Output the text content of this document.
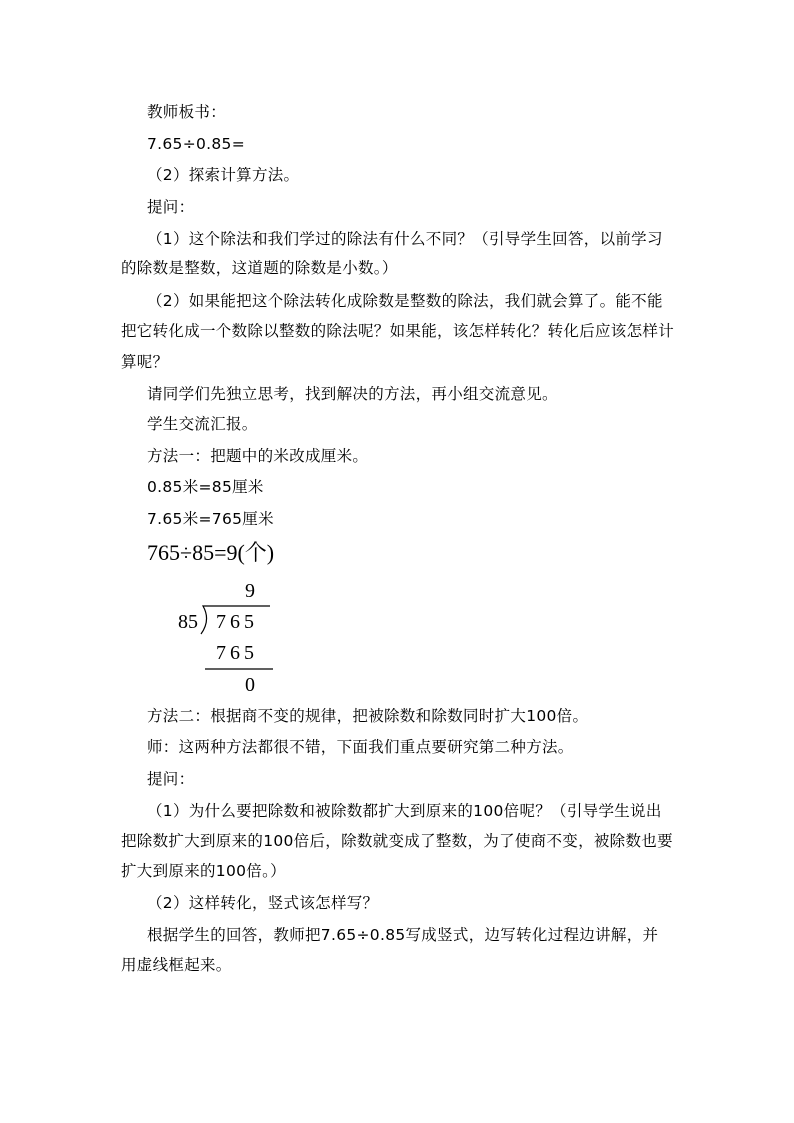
教师板书：
7.65÷0.85=
（2）探索计算方法。
提问：
（1）这个除法和我们学过的除法有什么不同？（引导学生回答，以前学习
的除数是整数，这道题的除数是小数。）
（2）如果能把这个除法转化成除数是整数的除法，我们就会算了。能不能
把它转化成一个数除以整数的除法呢？如果能，该怎样转化？转化后应该怎样计
算呢？
请同学们先独立思考，找到解决的方法，再小组交流意见。
学生交流汇报。
方法一：把题中的米改成厘米。
0.85米=85厘米
7.65米=765厘米
765÷85=9(个)
9
85 765
765
0
方法二：根据商不变的规律，把被除数和除数同时扩大100倍。
师：这两种方法都很不错，下面我们重点要研究第二种方法。
提问：
（1）为什么要把除数和被除数都扩大到原来的100倍呢？（引导学生说出
把除数扩大到原来的100倍后，除数就变成了整数，为了使商不变，被除数也要
扩大到原来的100倍。）
（2）这样转化，竖式该怎样写？
根据学生的回答，教师把7.65÷0.85写成竖式，边写转化过程边讲解，并
用虚线框起来。
